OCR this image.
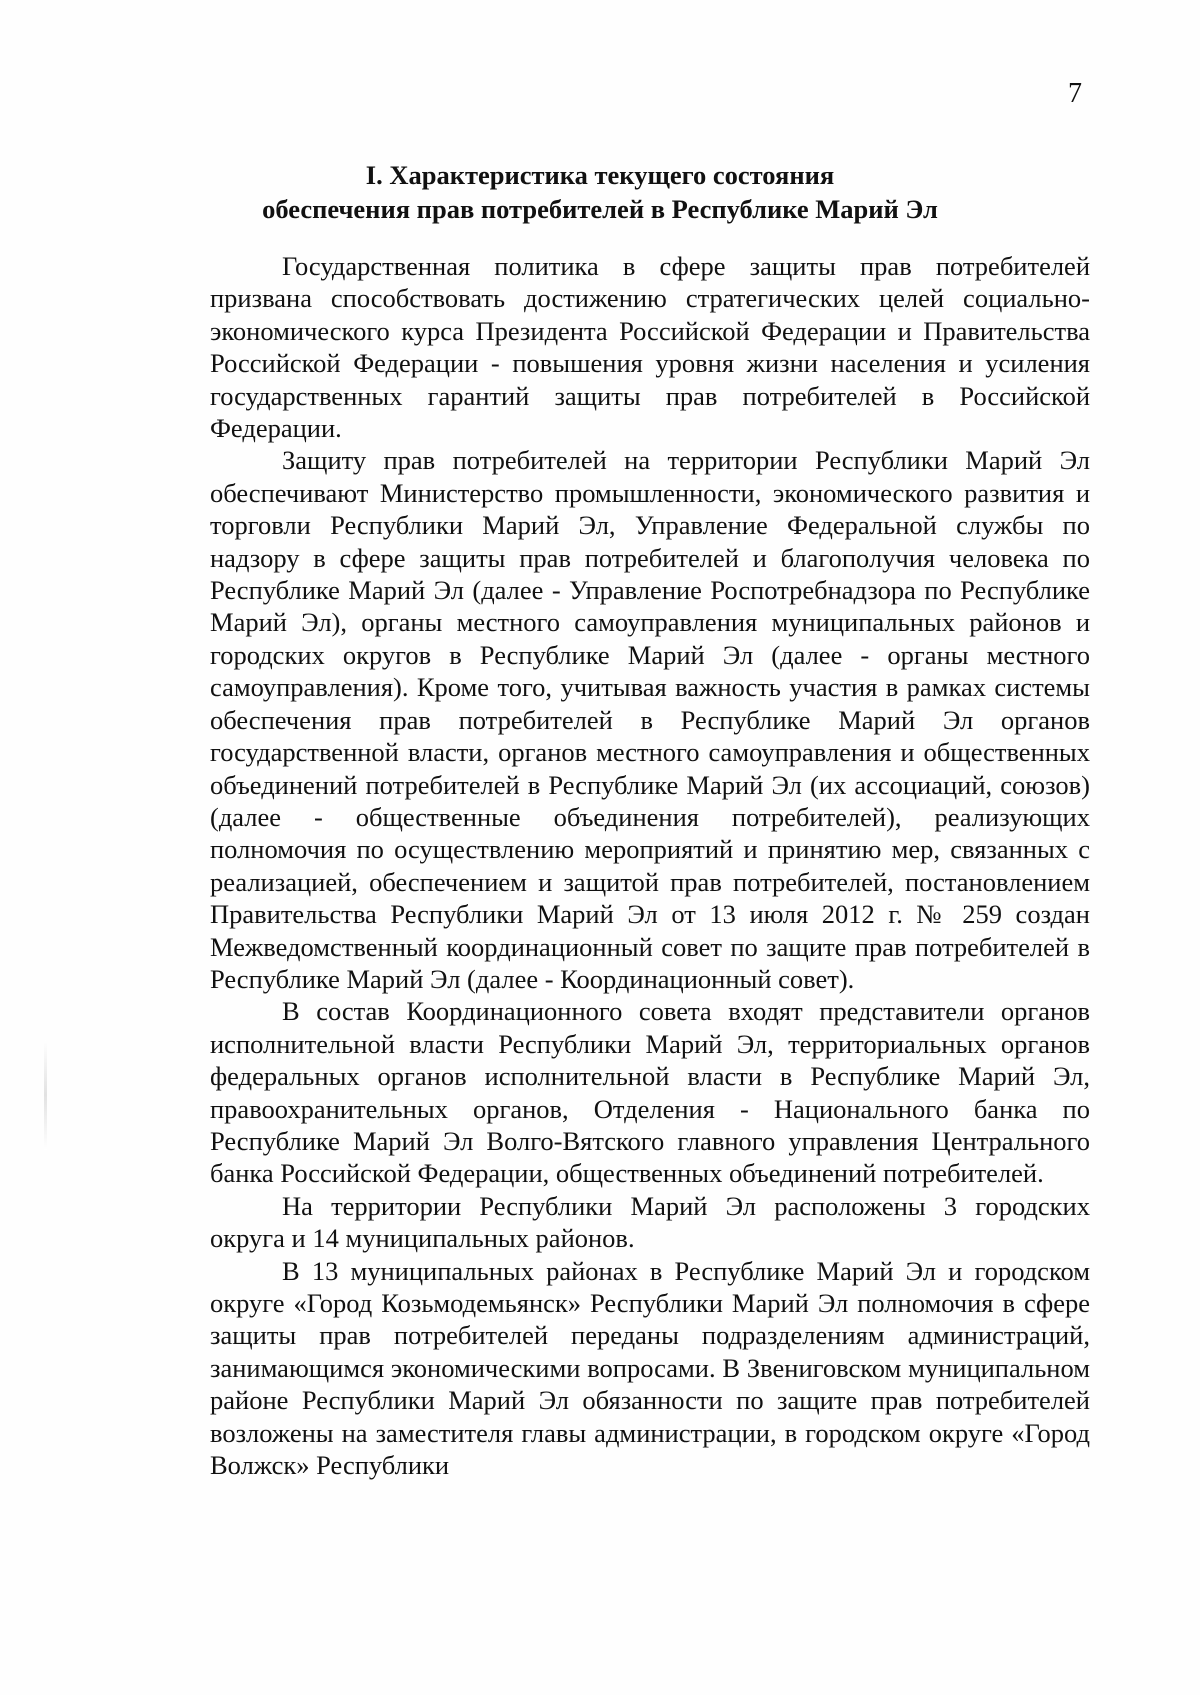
7
I. Характеристика текущего состояния
обеспечения прав потребителей в Республике Марий Эл

Государственная политика в сфере защиты прав потребителей призвана способствовать достижению стратегических целей социально-экономического курса Президента Российской Федерации и Правительства Российской Федерации - повышения уровня жизни населения и усиления государственных гарантий защиты прав потребителей в Российской Федерации.

Защиту прав потребителей на территории Республики Марий Эл обеспечивают Министерство промышленности, экономического развития и торговли Республики Марий Эл, Управление Федеральной службы по надзору в сфере защиты прав потребителей и благополучия человека по Республике Марий Эл (далее - Управление Роспотребнадзора по Республике Марий Эл), органы местного самоуправления муниципальных районов и городских округов в Республике Марий Эл (далее - органы местного самоуправления). Кроме того, учитывая важность участия в рамках системы обеспечения прав потребителей в Республике Марий Эл органов государственной власти, органов местного самоуправления и общественных объединений потребителей в Республике Марий Эл (их ассоциаций, союзов) (далее - общественные объединения потребителей), реализующих полномочия по осуществлению мероприятий и принятию мер, связанных с реализацией, обеспечением и защитой прав потребителей, постановлением Правительства Республики Марий Эл от 13 июля 2012 г. № 259 создан Межведомственный координационный совет по защите прав потребителей в Республике Марий Эл (далее - Координационный совет).

В состав Координационного совета входят представители органов исполнительной власти Республики Марий Эл, территориальных органов федеральных органов исполнительной власти в Республике Марий Эл, правоохранительных органов, Отделения - Национального банка по Республике Марий Эл Волго-Вятского главного управления Центрального банка Российской Федерации, общественных объединений потребителей.

На территории Республики Марий Эл расположены 3 городских округа и 14 муниципальных районов.

В 13 муниципальных районах в Республике Марий Эл и городском округе «Город Козьмодемьянск» Республики Марий Эл полномочия в сфере защиты прав потребителей переданы подразделениям администраций, занимающимся экономическими вопросами. В Звениговском муниципальном районе Республики Марий Эл обязанности по защите прав потребителей возложены на заместителя главы администрации, в городском округе «Город Волжск» Республики
